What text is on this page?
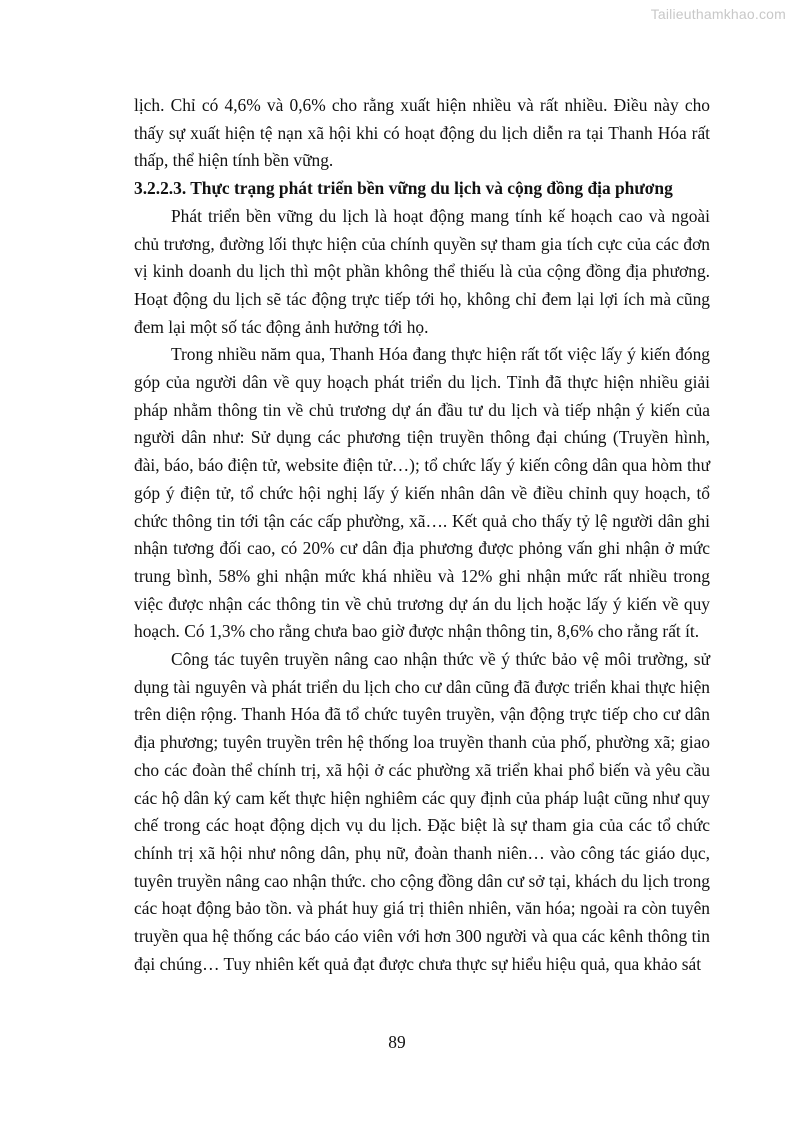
Tailieuthamkhao.com

lịch. Chỉ có 4,6% và 0,6% cho rằng xuất hiện nhiều và rất nhiều. Điều này cho thấy sự xuất hiện tệ nạn xã hội khi có hoạt động du lịch diễn ra tại Thanh Hóa rất thấp, thể hiện tính bền vững.

3.2.2.3. Thực trạng phát triển bền vững du lịch và cộng đồng địa phương

Phát triển bền vững du lịch là hoạt động mang tính kế hoạch cao và ngoài chủ trương, đường lối thực hiện của chính quyền sự tham gia tích cực của các đơn vị kinh doanh du lịch thì một phần không thể thiếu là của cộng đồng địa phương. Hoạt động du lịch sẽ tác động trực tiếp tới họ, không chỉ đem lại lợi ích mà cũng đem lại một số tác động ảnh hưởng tới họ.

Trong nhiều năm qua, Thanh Hóa đang thực hiện rất tốt việc lấy ý kiến đóng góp của người dân về quy hoạch phát triển du lịch. Tỉnh đã thực hiện nhiều giải pháp nhằm thông tin về chủ trương dự án đầu tư du lịch và tiếp nhận ý kiến của người dân như: Sử dụng các phương tiện truyền thông đại chúng (Truyền hình, đài, báo, báo điện tử, website điện tử…); tổ chức lấy ý kiến công dân qua hòm thư góp ý điện tử, tổ chức hội nghị lấy ý kiến nhân dân về điều chỉnh quy hoạch, tổ chức thông tin tới tận các cấp phường, xã…. Kết quả cho thấy tỷ lệ người dân ghi nhận tương đối cao, có 20% cư dân địa phương được phỏng vấn ghi nhận ở mức trung bình, 58% ghi nhận mức khá nhiều và 12% ghi nhận mức rất nhiều trong việc được nhận các thông tin về chủ trương dự án du lịch hoặc lấy ý kiến về quy hoạch. Có 1,3% cho rằng chưa bao giờ được nhận thông tin, 8,6% cho rằng rất ít.

Công tác tuyên truyền nâng cao nhận thức về ý thức bảo vệ môi trường, sử dụng tài nguyên và phát triển du lịch cho cư dân cũng đã được triển khai thực hiện trên diện rộng. Thanh Hóa đã tổ chức tuyên truyền, vận động trực tiếp cho cư dân địa phương; tuyên truyền trên hệ thống loa truyền thanh của phố, phường xã; giao cho các đoàn thể chính trị, xã hội ở các phường xã triển khai phổ biến và yêu cầu các hộ dân ký cam kết thực hiện nghiêm các quy định của pháp luật cũng như quy chế trong các hoạt động dịch vụ du lịch. Đặc biệt là sự tham gia của các tổ chức chính trị xã hội như nông dân, phụ nữ, đoàn thanh niên… vào công tác giáo dục, tuyên truyền nâng cao nhận thức. cho cộng đồng dân cư sở tại, khách du lịch trong các hoạt động bảo tồn. và phát huy giá trị thiên nhiên, văn hóa; ngoài ra còn tuyên truyền qua hệ thống các báo cáo viên với hơn 300 người và qua các kênh thông tin đại chúng… Tuy nhiên kết quả đạt được chưa thực sự hiểu hiệu quả, qua khảo sát

89
